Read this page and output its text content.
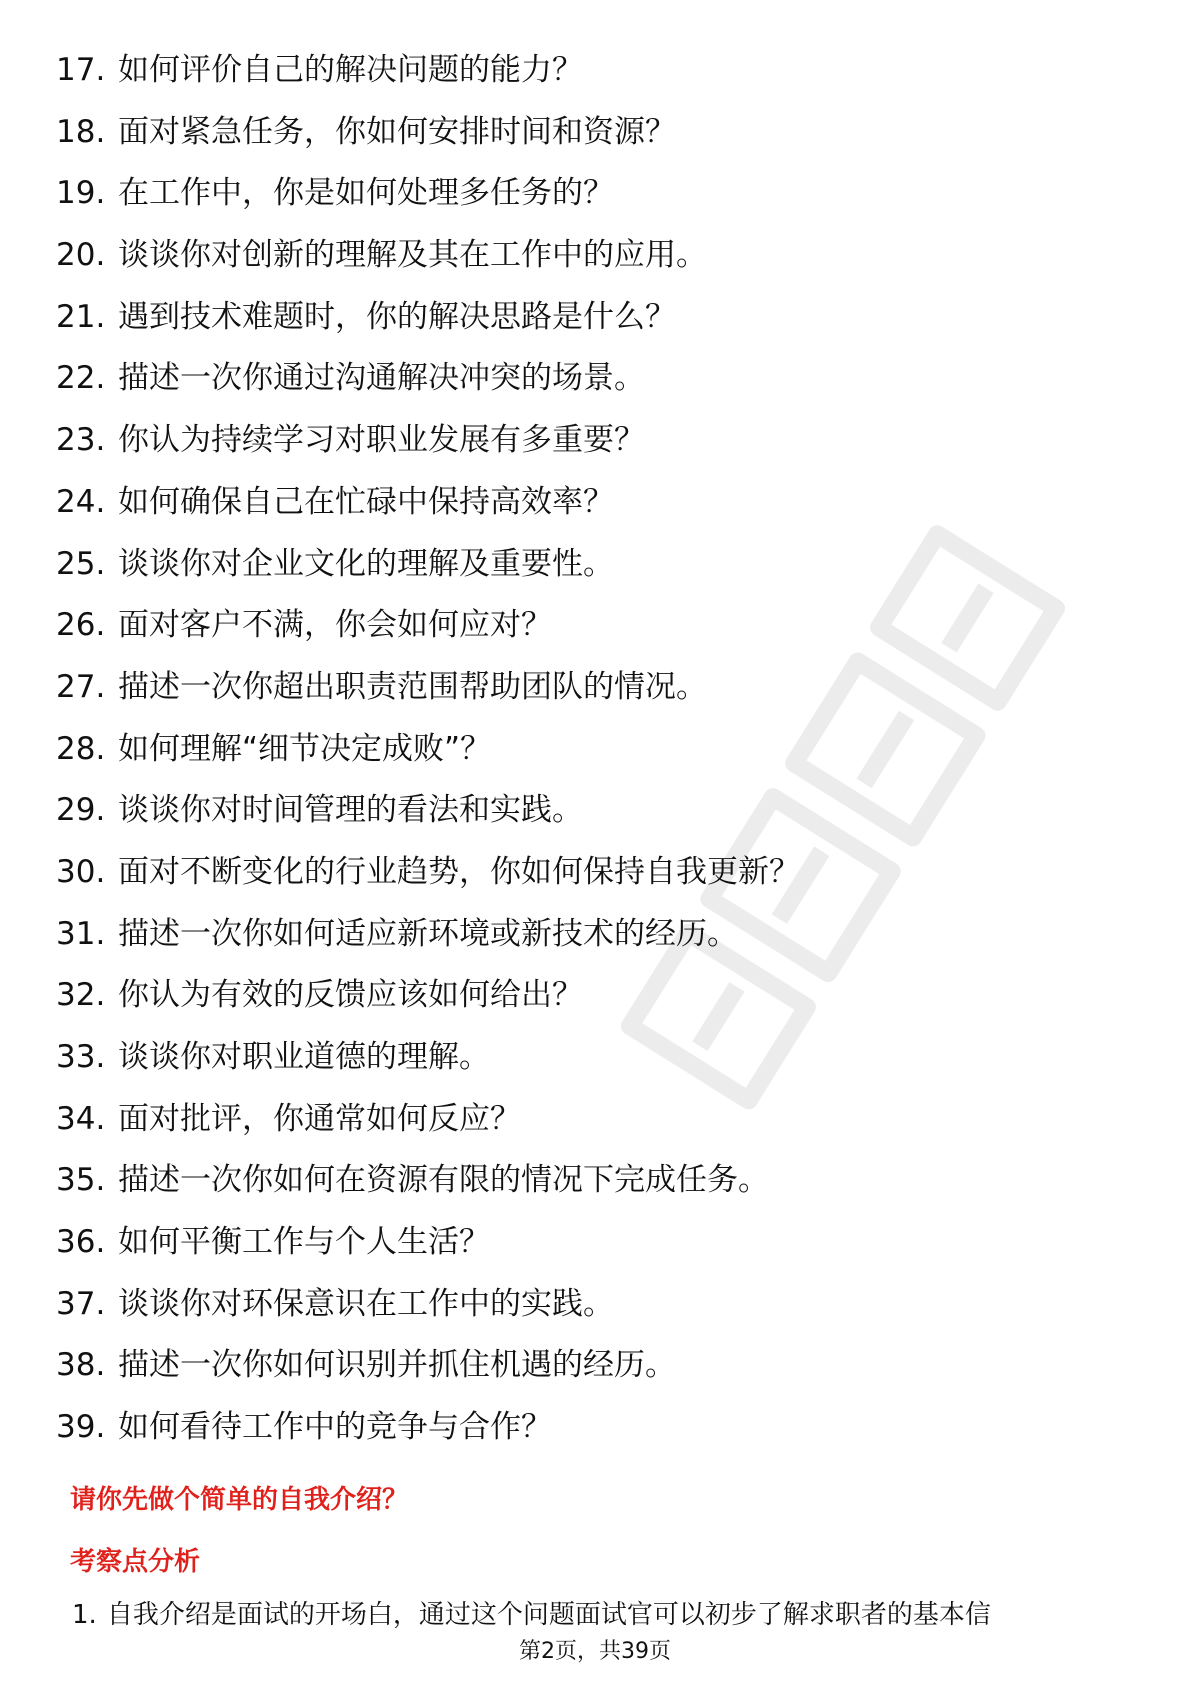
17. 如何评价自己的解决问题的能力？
18. 面对紧急任务，你如何安排时间和资源？
19. 在工作中，你是如何处理多任务的？
20. 谈谈你对创新的理解及其在工作中的应用。
21. 遇到技术难题时，你的解决思路是什么？
22. 描述一次你通过沟通解决冲突的场景。
23. 你认为持续学习对职业发展有多重要？
24. 如何确保自己在忙碌中保持高效率？
25. 谈谈你对企业文化的理解及重要性。
26. 面对客户不满，你会如何应对？
27. 描述一次你超出职责范围帮助团队的情况。
28. 如何理解“细节决定成败”？
29. 谈谈你对时间管理的看法和实践。
30. 面对不断变化的行业趋势，你如何保持自我更新？
31. 描述一次你如何适应新环境或新技术的经历。
32. 你认为有效的反馈应该如何给出？
33. 谈谈你对职业道德的理解。
34. 面对批评，你通常如何反应？
35. 描述一次你如何在资源有限的情况下完成任务。
36. 如何平衡工作与个人生活？
37. 谈谈你对环保意识在工作中的实践。
38. 描述一次你如何识别并抓住机遇的经历。
39. 如何看待工作中的竞争与合作？
请你先做个简单的自我介绍？
考察点分析
1. 自我介绍是面试的开场白，通过这个问题面试官可以初步了解求职者的基本信
第2页，共39页
